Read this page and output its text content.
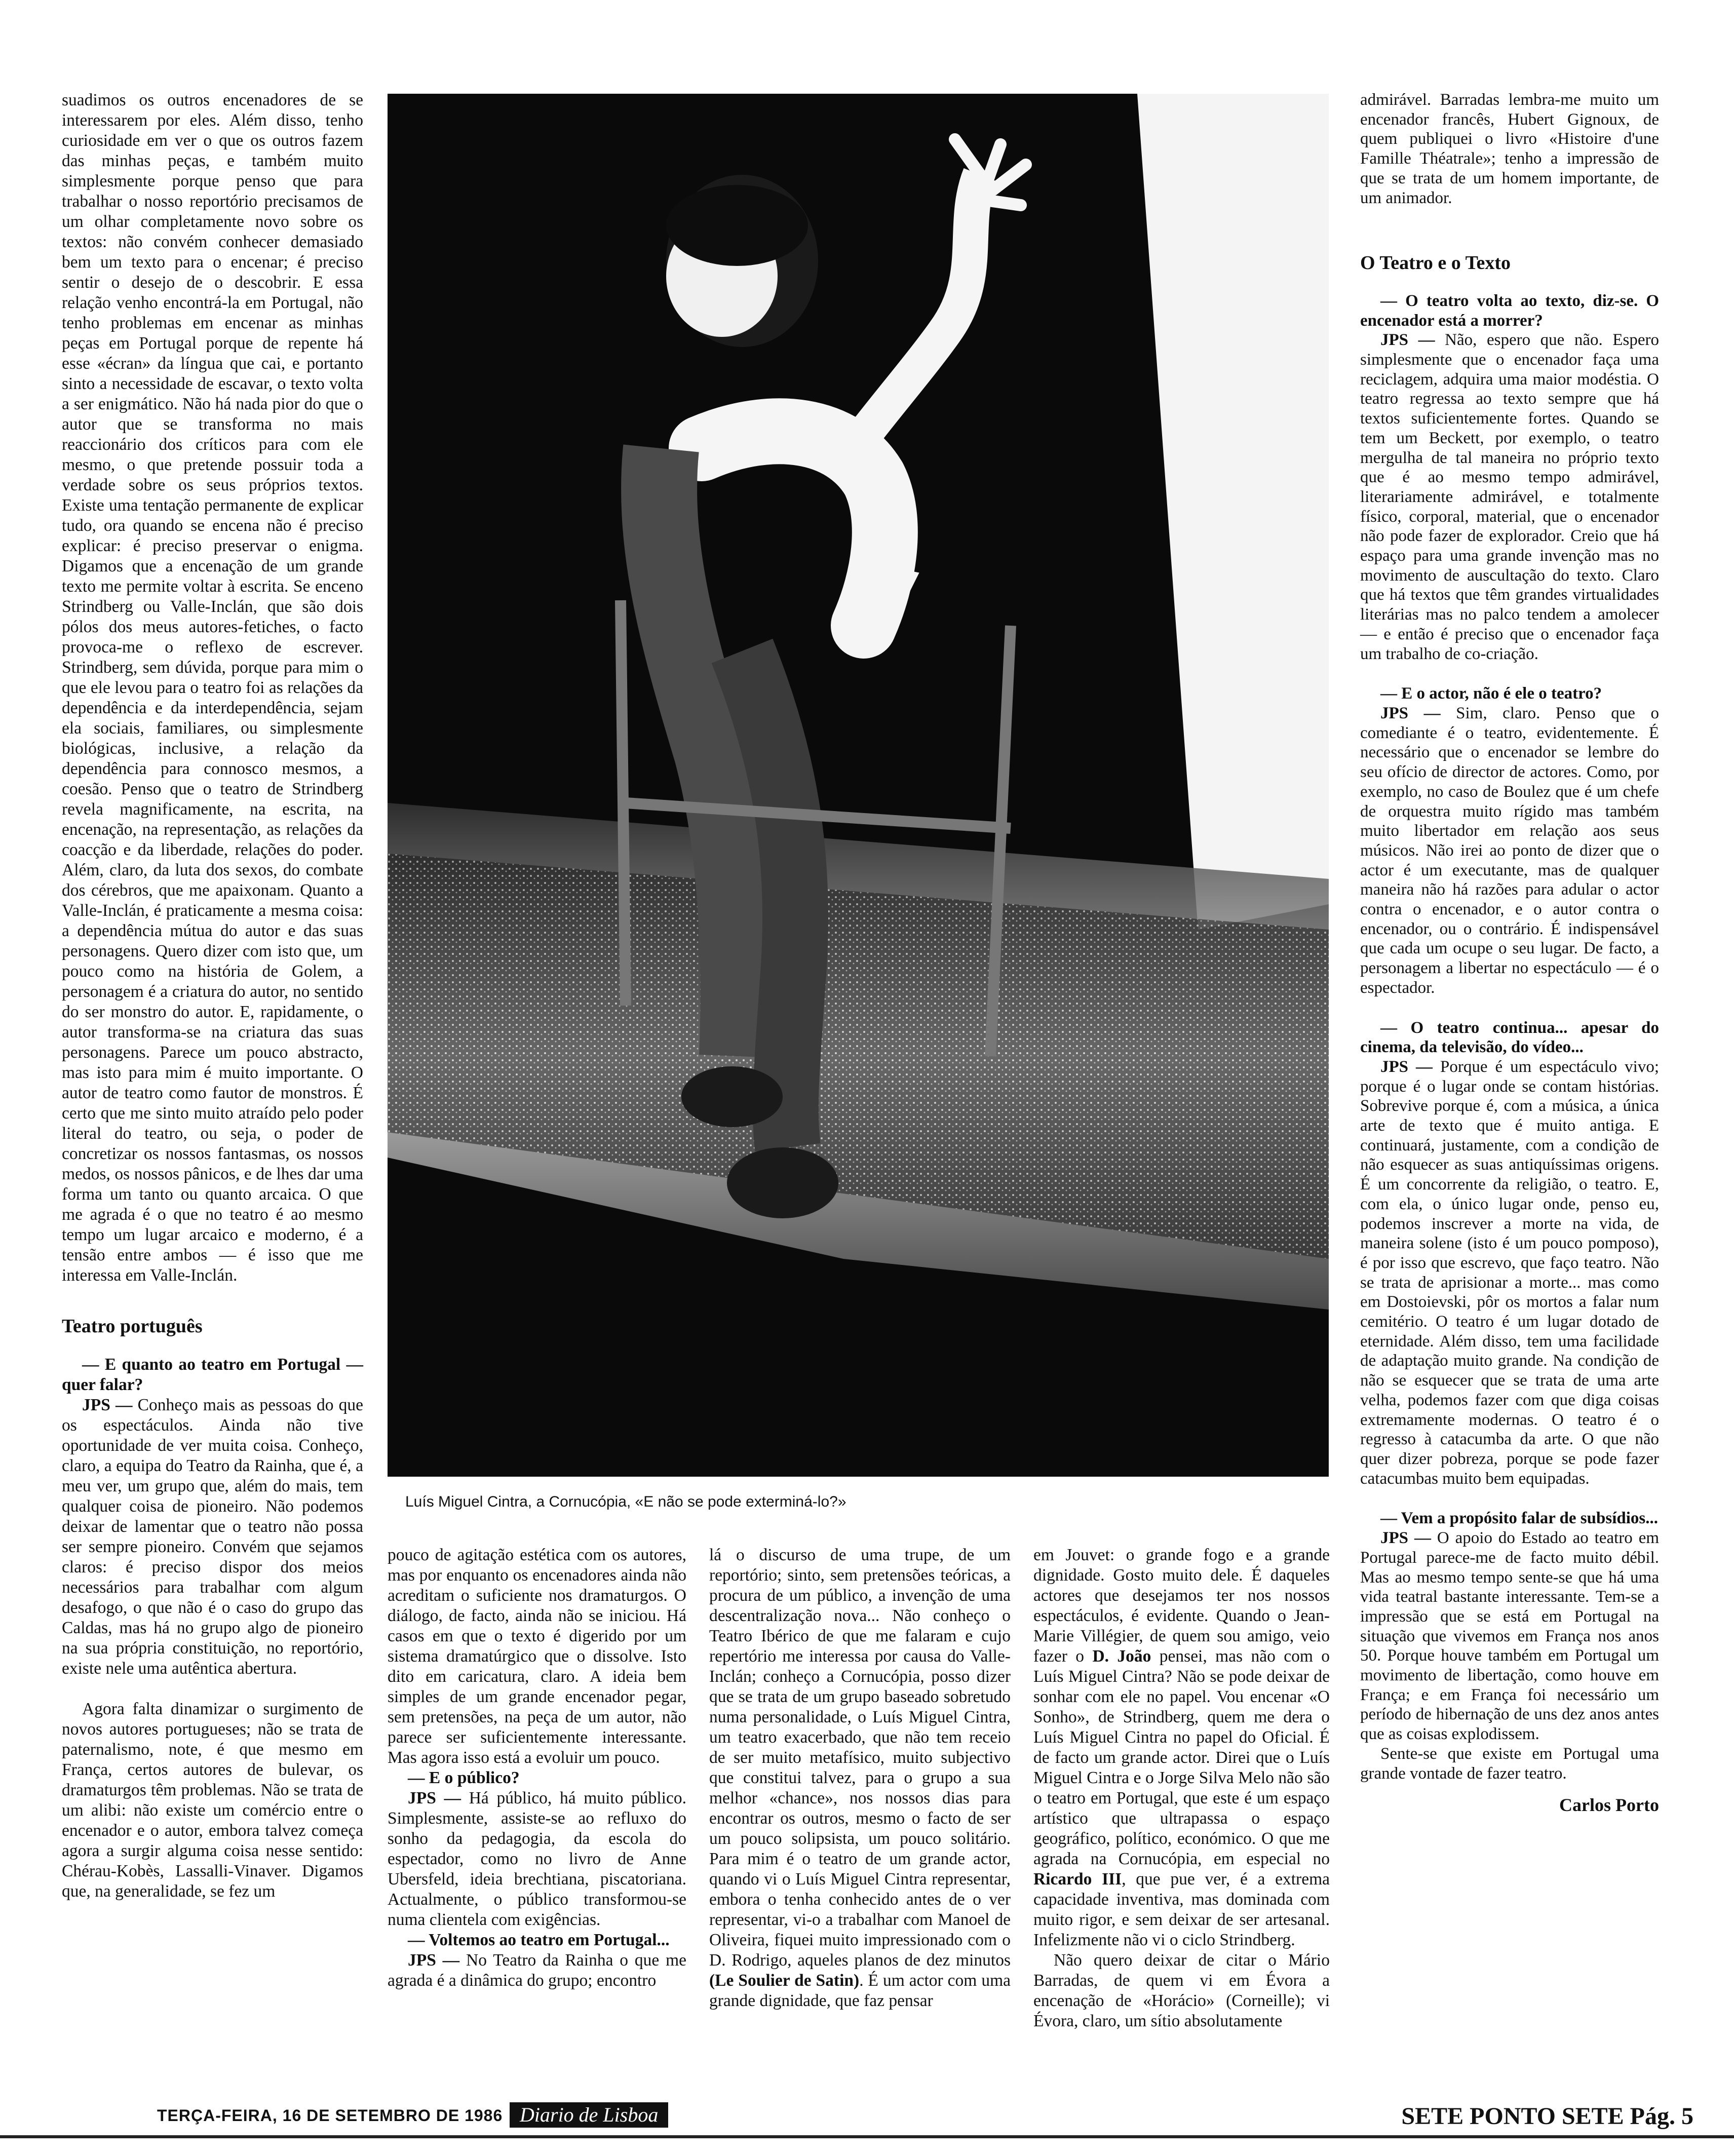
suadimos os outros encenadores de se interessarem por eles. Além disso, tenho curiosidade em ver o que os outros fazem das minhas peças, e também muito simplesmente porque penso que para trabalhar o nosso reportório precisamos de um olhar completamente novo sobre os textos: não convém conhecer demasiado bem um texto para o encenar; é preciso sentir o desejo de o descobrir. E essa relação venho encontrá-la em Portugal, não tenho problemas em encenar as minhas peças em Portugal porque de repente há esse «écran» da língua que cai, e portanto sinto a necessidade de escavar, o texto volta a ser enigmático. Não há nada pior do que o autor que se transforma no mais reaccionário dos críticos para com ele mesmo, o que pretende possuir toda a verdade sobre os seus próprios textos. Existe uma tentação permanente de explicar tudo, ora quando se encena não é preciso explicar: é preciso preservar o enigma. Digamos que a encenação de um grande texto me permite voltar à escrita. Se enceno Strindberg ou Valle-Inclán, que são dois pólos dos meus autores-fetiches, o facto provoca-me o reflexo de escrever. Strindberg, sem dúvida, porque para mim o que ele levou para o teatro foi as relações da dependência e da interdependência, sejam ela sociais, familiares, ou simplesmente biológicas, inclusive, a relação da dependência para connosco mesmos, a coesão. Penso que o teatro de Strindberg revela magnificamente, na escrita, na encenação, na representação, as relações da coacção e da liberdade, relações do poder. Além, claro, da luta dos sexos, do combate dos cérebros, que me apaixonam. Quanto a Valle-Inclán, é praticamente a mesma coisa: a dependência mútua do autor e das suas personagens. Quero dizer com isto que, um pouco como na história de Golem, a personagem é a criatura do autor, no sentido do ser monstro do autor. E, rapidamente, o autor transforma-se na criatura das suas personagens. Parece um pouco abstracto, mas isto para mim é muito importante. O autor de teatro como fautor de monstros. É certo que me sinto muito atraído pelo poder literal do teatro, ou seja, o poder de concretizar os nossos fantasmas, os nossos medos, os nossos pânicos, e de lhes dar uma forma um tanto ou quanto arcaica. O que me agrada é o que no teatro é ao mesmo tempo um lugar arcaico e moderno, é a tensão entre ambos — é isso que me interessa em Valle-Inclán.

Teatro português

— E quanto ao teatro em Portugal — quer falar?

JPS — Conheço mais as pessoas do que os espectáculos. Ainda não tive oportunidade de ver muita coisa. Conheço, claro, a equipa do Teatro da Rainha, que é, a meu ver, um grupo que, além do mais, tem qualquer coisa de pioneiro. Não podemos deixar de lamentar que o teatro não possa ser sempre pioneiro. Convém que sejamos claros: é preciso dispor dos meios necessários para trabalhar com algum desafogo, o que não é o caso do grupo das Caldas, mas há no grupo algo de pioneiro na sua própria constituição, no reportório, existe nele uma autêntica abertura.

Agora falta dinamizar o surgimento de novos autores portugueses; não se trata de paternalismo, note, é que mesmo em França, certos autores de bulevar, os dramaturgos têm problemas. Não se trata de um alibi: não existe um comércio entre o encenador e o autor, embora talvez começa agora a surgir alguma coisa nesse sentido: Chérau-Kobès, Lassalli-Vinaver. Digamos que, na generalidade, se fez um

Luís Miguel Cintra, a Cornucópia, «E não se pode exterminá-lo?»

pouco de agitação estética com os autores, mas por enquanto os encenadores ainda não acreditam o suficiente nos dramaturgos. O diálogo, de facto, ainda não se iniciou. Há casos em que o texto é digerido por um sistema dramatúrgico que o dissolve. Isto dito em caricatura, claro. A ideia bem simples de um grande encenador pegar, sem pretensões, na peça de um autor, não parece ser suficientemente interessante. Mas agora isso está a evoluir um pouco.

— E o público?

JPS — Há público, há muito público. Simplesmente, assiste-se ao refluxo do sonho da pedagogia, da escola do espectador, como no livro de Anne Ubersfeld, ideia brechtiana, piscatoriana. Actualmente, o público transformou-se numa clientela com exigências.

— Voltemos ao teatro em Portugal...

JPS — No Teatro da Rainha o que me agrada é a dinâmica do grupo; encontro

lá o discurso de uma trupe, de um reportório; sinto, sem pretensões teóricas, a procura de um público, a invenção de uma descentralização nova... Não conheço o Teatro Ibérico de que me falaram e cujo repertório me interessa por causa do Valle-Inclán; conheço a Cornucópia, posso dizer que se trata de um grupo baseado sobretudo numa personalidade, o Luís Miguel Cintra, um teatro exacerbado, que não tem receio de ser muito metafísico, muito subjectivo que constitui talvez, para o grupo a sua melhor «chance», nos nossos dias para encontrar os outros, mesmo o facto de ser um pouco solipsista, um pouco solitário. Para mim é o teatro de um grande actor, quando vi o Luís Miguel Cintra representar, embora o tenha conhecido antes de o ver representar, vi-o a trabalhar com Manoel de Oliveira, fiquei muito impressionado com o D. Rodrigo, aqueles planos de dez minutos (Le Soulier de Satin). É um actor com uma grande dignidade, que faz pensar

em Jouvet: o grande fogo e a grande dignidade. Gosto muito dele. É daqueles actores que desejamos ter nos nossos espectáculos, é evidente. Quando o Jean-Marie Villégier, de quem sou amigo, veio fazer o D. João pensei, mas não com o Luís Miguel Cintra? Não se pode deixar de sonhar com ele no papel. Vou encenar «O Sonho», de Strindberg, quem me dera o Luís Miguel Cintra no papel do Oficial. É de facto um grande actor. Direi que o Luís Miguel Cintra e o Jorge Silva Melo não são o teatro em Portugal, que este é um espaço artístico que ultrapassa o espaço geográfico, político, económico. O que me agrada na Cornucópia, em especial no Ricardo III, que pue ver, é a extrema capacidade inventiva, mas dominada com muito rigor, e sem deixar de ser artesanal. Infelizmente não vi o ciclo Strindberg.

Não quero deixar de citar o Mário Barradas, de quem vi em Évora a encenação de «Horácio» (Corneille); vi Évora, claro, um sítio absolutamente

admirável. Barradas lembra-me muito um encenador francês, Hubert Gignoux, de quem publiquei o livro «Histoire d'une Famille Théatrale»; tenho a impressão de que se trata de um homem importante, de um animador.

O Teatro e o Texto

— O teatro volta ao texto, diz-se. O encenador está a morrer?

JPS — Não, espero que não. Espero simplesmente que o encenador faça uma reciclagem, adquira uma maior modéstia. O teatro regressa ao texto sempre que há textos suficientemente fortes. Quando se tem um Beckett, por exemplo, o teatro mergulha de tal maneira no próprio texto que é ao mesmo tempo admirável, literariamente admirável, e totalmente físico, corporal, material, que o encenador não pode fazer de explorador. Creio que há espaço para uma grande invenção mas no movimento de auscultação do texto. Claro que há textos que têm grandes virtualidades literárias mas no palco tendem a amolecer — e então é preciso que o encenador faça um trabalho de co-criação.

— E o actor, não é ele o teatro?

JPS — Sim, claro. Penso que o comediante é o teatro, evidentemente. É necessário que o encenador se lembre do seu ofício de director de actores. Como, por exemplo, no caso de Boulez que é um chefe de orquestra muito rígido mas também muito libertador em relação aos seus músicos. Não irei ao ponto de dizer que o actor é um executante, mas de qualquer maneira não há razões para adular o actor contra o encenador, e o autor contra o encenador, ou o contrário. É indispensável que cada um ocupe o seu lugar. De facto, a personagem a libertar no espectáculo — é o espectador.

— O teatro continua... apesar do cinema, da televisão, do vídeo...

JPS — Porque é um espectáculo vivo; porque é o lugar onde se contam histórias. Sobrevive porque é, com a música, a única arte de texto que é muito antiga. E continuará, justamente, com a condição de não esquecer as suas antiquíssimas origens. É um concorrente da religião, o teatro. E, com ela, o único lugar onde, penso eu, podemos inscrever a morte na vida, de maneira solene (isto é um pouco pomposo), é por isso que escrevo, que faço teatro. Não se trata de aprisionar a morte... mas como em Dostoievski, pôr os mortos a falar num cemitério. O teatro é um lugar dotado de eternidade. Além disso, tem uma facilidade de adaptação muito grande. Na condição de não se esquecer que se trata de uma arte velha, podemos fazer com que diga coisas extremamente modernas. O teatro é o regresso à catacumba da arte. O que não quer dizer pobreza, porque se pode fazer catacumbas muito bem equipadas.

— Vem a propósito falar de subsídios...

JPS — O apoio do Estado ao teatro em Portugal parece-me de facto muito débil. Mas ao mesmo tempo sente-se que há uma vida teatral bastante interessante. Tem-se a impressão que se está em Portugal na situação que vivemos em França nos anos 50. Porque houve também em Portugal um movimento de libertação, como houve em França; e em França foi necessário um período de hibernação de uns dez anos antes que as coisas explodissem.

Sente-se que existe em Portugal uma grande vontade de fazer teatro.

Carlos Porto
TERÇA-FEIRA, 16 DE SETEMBRO DE 1986 Diario de Lisboa	SETE PONTO SETE Pág. 5
